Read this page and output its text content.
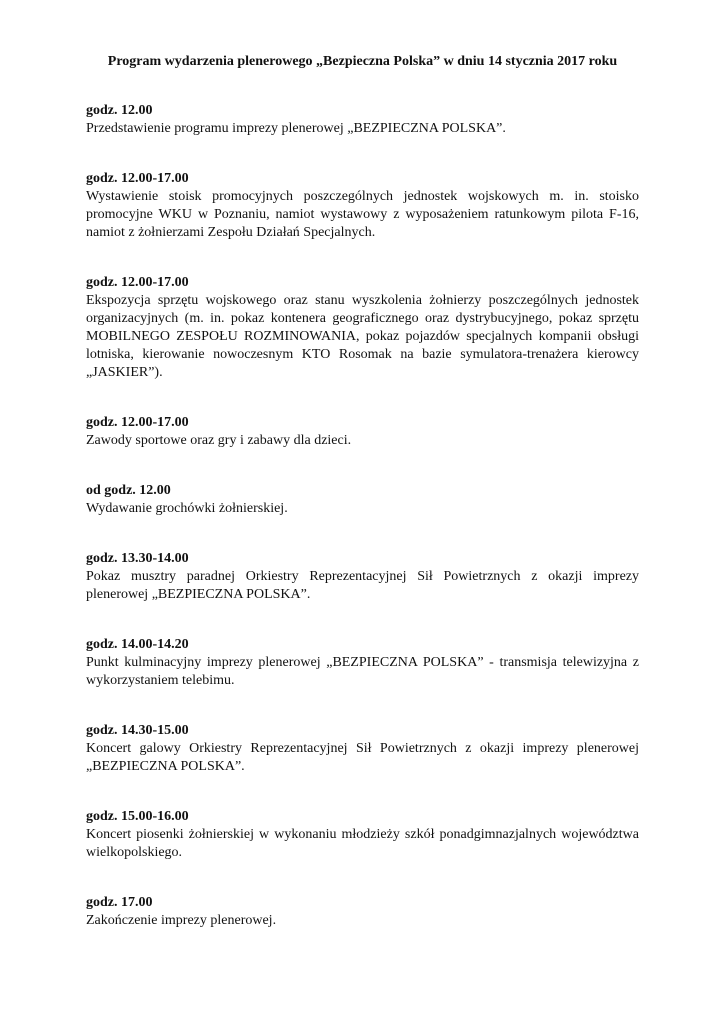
Program wydarzenia plenerowego „Bezpieczna Polska” w dniu 14 stycznia 2017 roku
godz. 12.00

Przedstawienie programu imprezy plenerowej „BEZPIECZNA POLSKA”.

godz. 12.00-17.00

Wystawienie stoisk promocyjnych poszczególnych jednostek wojskowych m. in. stoisko promocyjne WKU w Poznaniu, namiot wystawowy z wyposażeniem ratunkowym pilota F-16, namiot z żołnierzami Zespołu Działań Specjalnych.

godz. 12.00-17.00

Ekspozycja sprzętu wojskowego oraz stanu wyszkolenia żołnierzy poszczególnych jednostek organizacyjnych (m. in. pokaz kontenera geograficznego oraz dystrybucyjnego, pokaz sprzętu MOBILNEGO ZESPOŁU ROZMINOWANIA, pokaz pojazdów specjalnych kompanii obsługi lotniska, kierowanie nowoczesnym KTO Rosomak na bazie symulatora-trenażera kierowcy „JASKIER”).

godz. 12.00-17.00

Zawody sportowe oraz gry i zabawy dla dzieci.

od godz. 12.00

Wydawanie grochówki żołnierskiej.

godz. 13.30-14.00

Pokaz musztry paradnej Orkiestry Reprezentacyjnej Sił Powietrznych z okazji imprezy plenerowej „BEZPIECZNA POLSKA”.

godz. 14.00-14.20

Punkt kulminacyjny imprezy plenerowej „BEZPIECZNA POLSKA” - transmisja telewizyjna z wykorzystaniem telebimu.

godz. 14.30-15.00

Koncert galowy Orkiestry Reprezentacyjnej Sił Powietrznych z okazji imprezy plenerowej „BEZPIECZNA POLSKA”.

godz. 15.00-16.00

Koncert piosenki żołnierskiej w wykonaniu młodzieży szkół ponadgimnazjalnych województwa wielkopolskiego.

godz. 17.00

Zakończenie imprezy plenerowej.
